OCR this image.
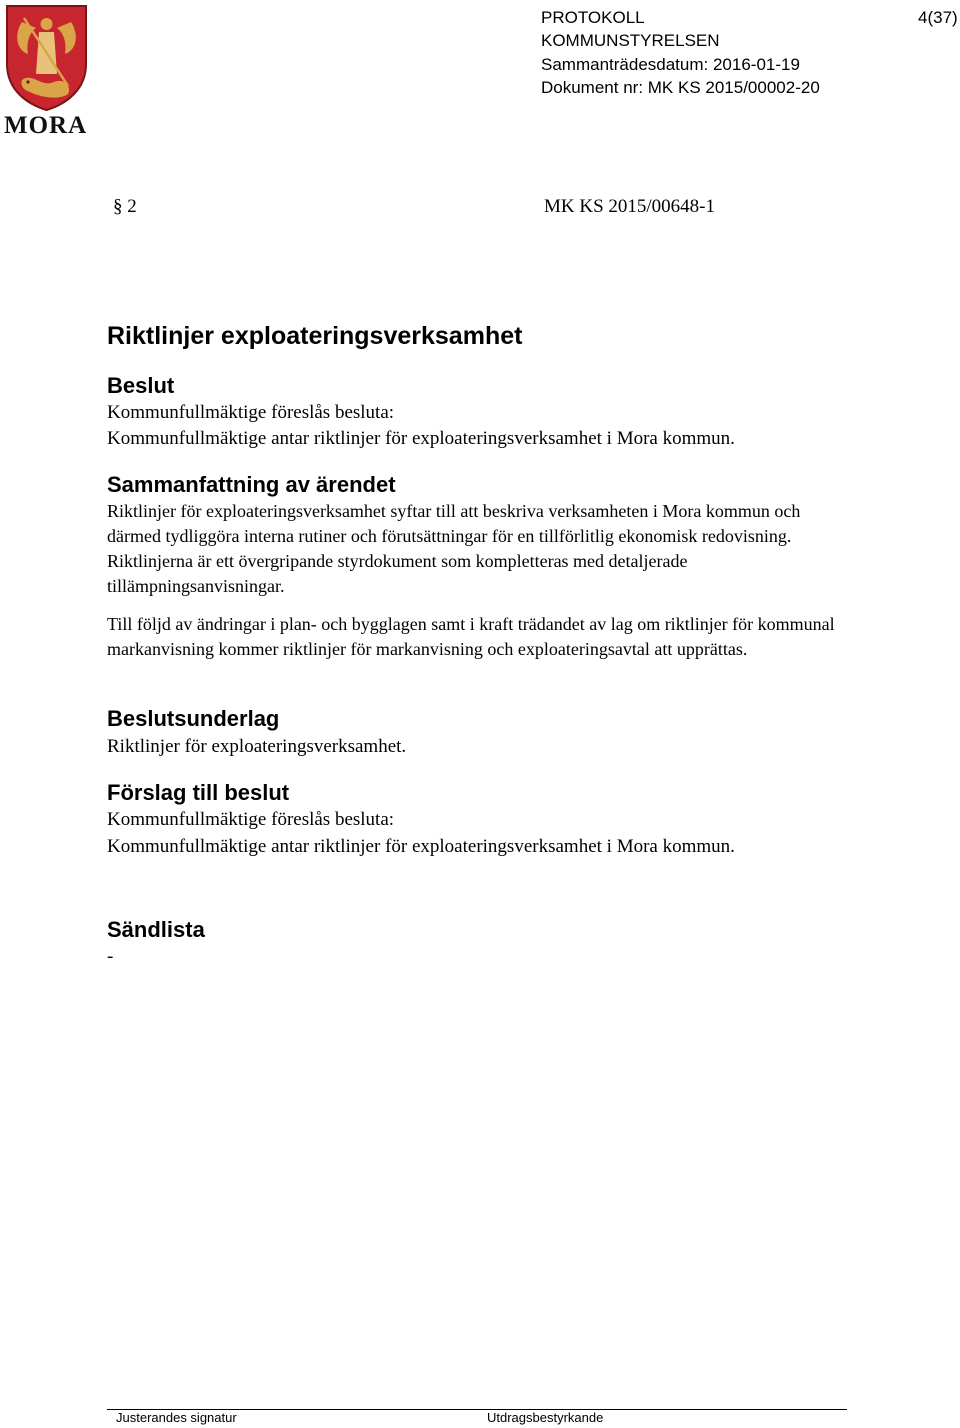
MORA
PROTOKOLL
KOMMUNSTYRELSEN
Sammanträdesdatum: 2016-01-19
Dokument nr: MK KS 2015/00002-20
4(37)
§ 2	MK KS 2015/00648-1
Riktlinjer exploateringsverksamhet
Beslut
Kommunfullmäktige föreslås besluta:
Kommunfullmäktige antar riktlinjer för exploateringsverksamhet i Mora kommun.
Sammanfattning av ärendet
Riktlinjer för exploateringsverksamhet syftar till att beskriva verksamheten i Mora kommun och därmed tydliggöra interna rutiner och förutsättningar för en tillförlitlig ekonomisk redovisning. Riktlinjerna är ett övergripande styrdokument som kompletteras med detaljerade tillämpningsanvisningar.
Till följd av ändringar i plan- och bygglagen samt i kraft trädandet av lag om riktlinjer för kommunal markanvisning kommer riktlinjer för markanvisning och exploateringsavtal att upprättas.
Beslutsunderlag
Riktlinjer för exploateringsverksamhet.
Förslag till beslut
Kommunfullmäktige föreslås besluta:
Kommunfullmäktige antar riktlinjer för exploateringsverksamhet i Mora kommun.
Sändlista
-
Justerandes signatur	Utdragsbestyrkande
